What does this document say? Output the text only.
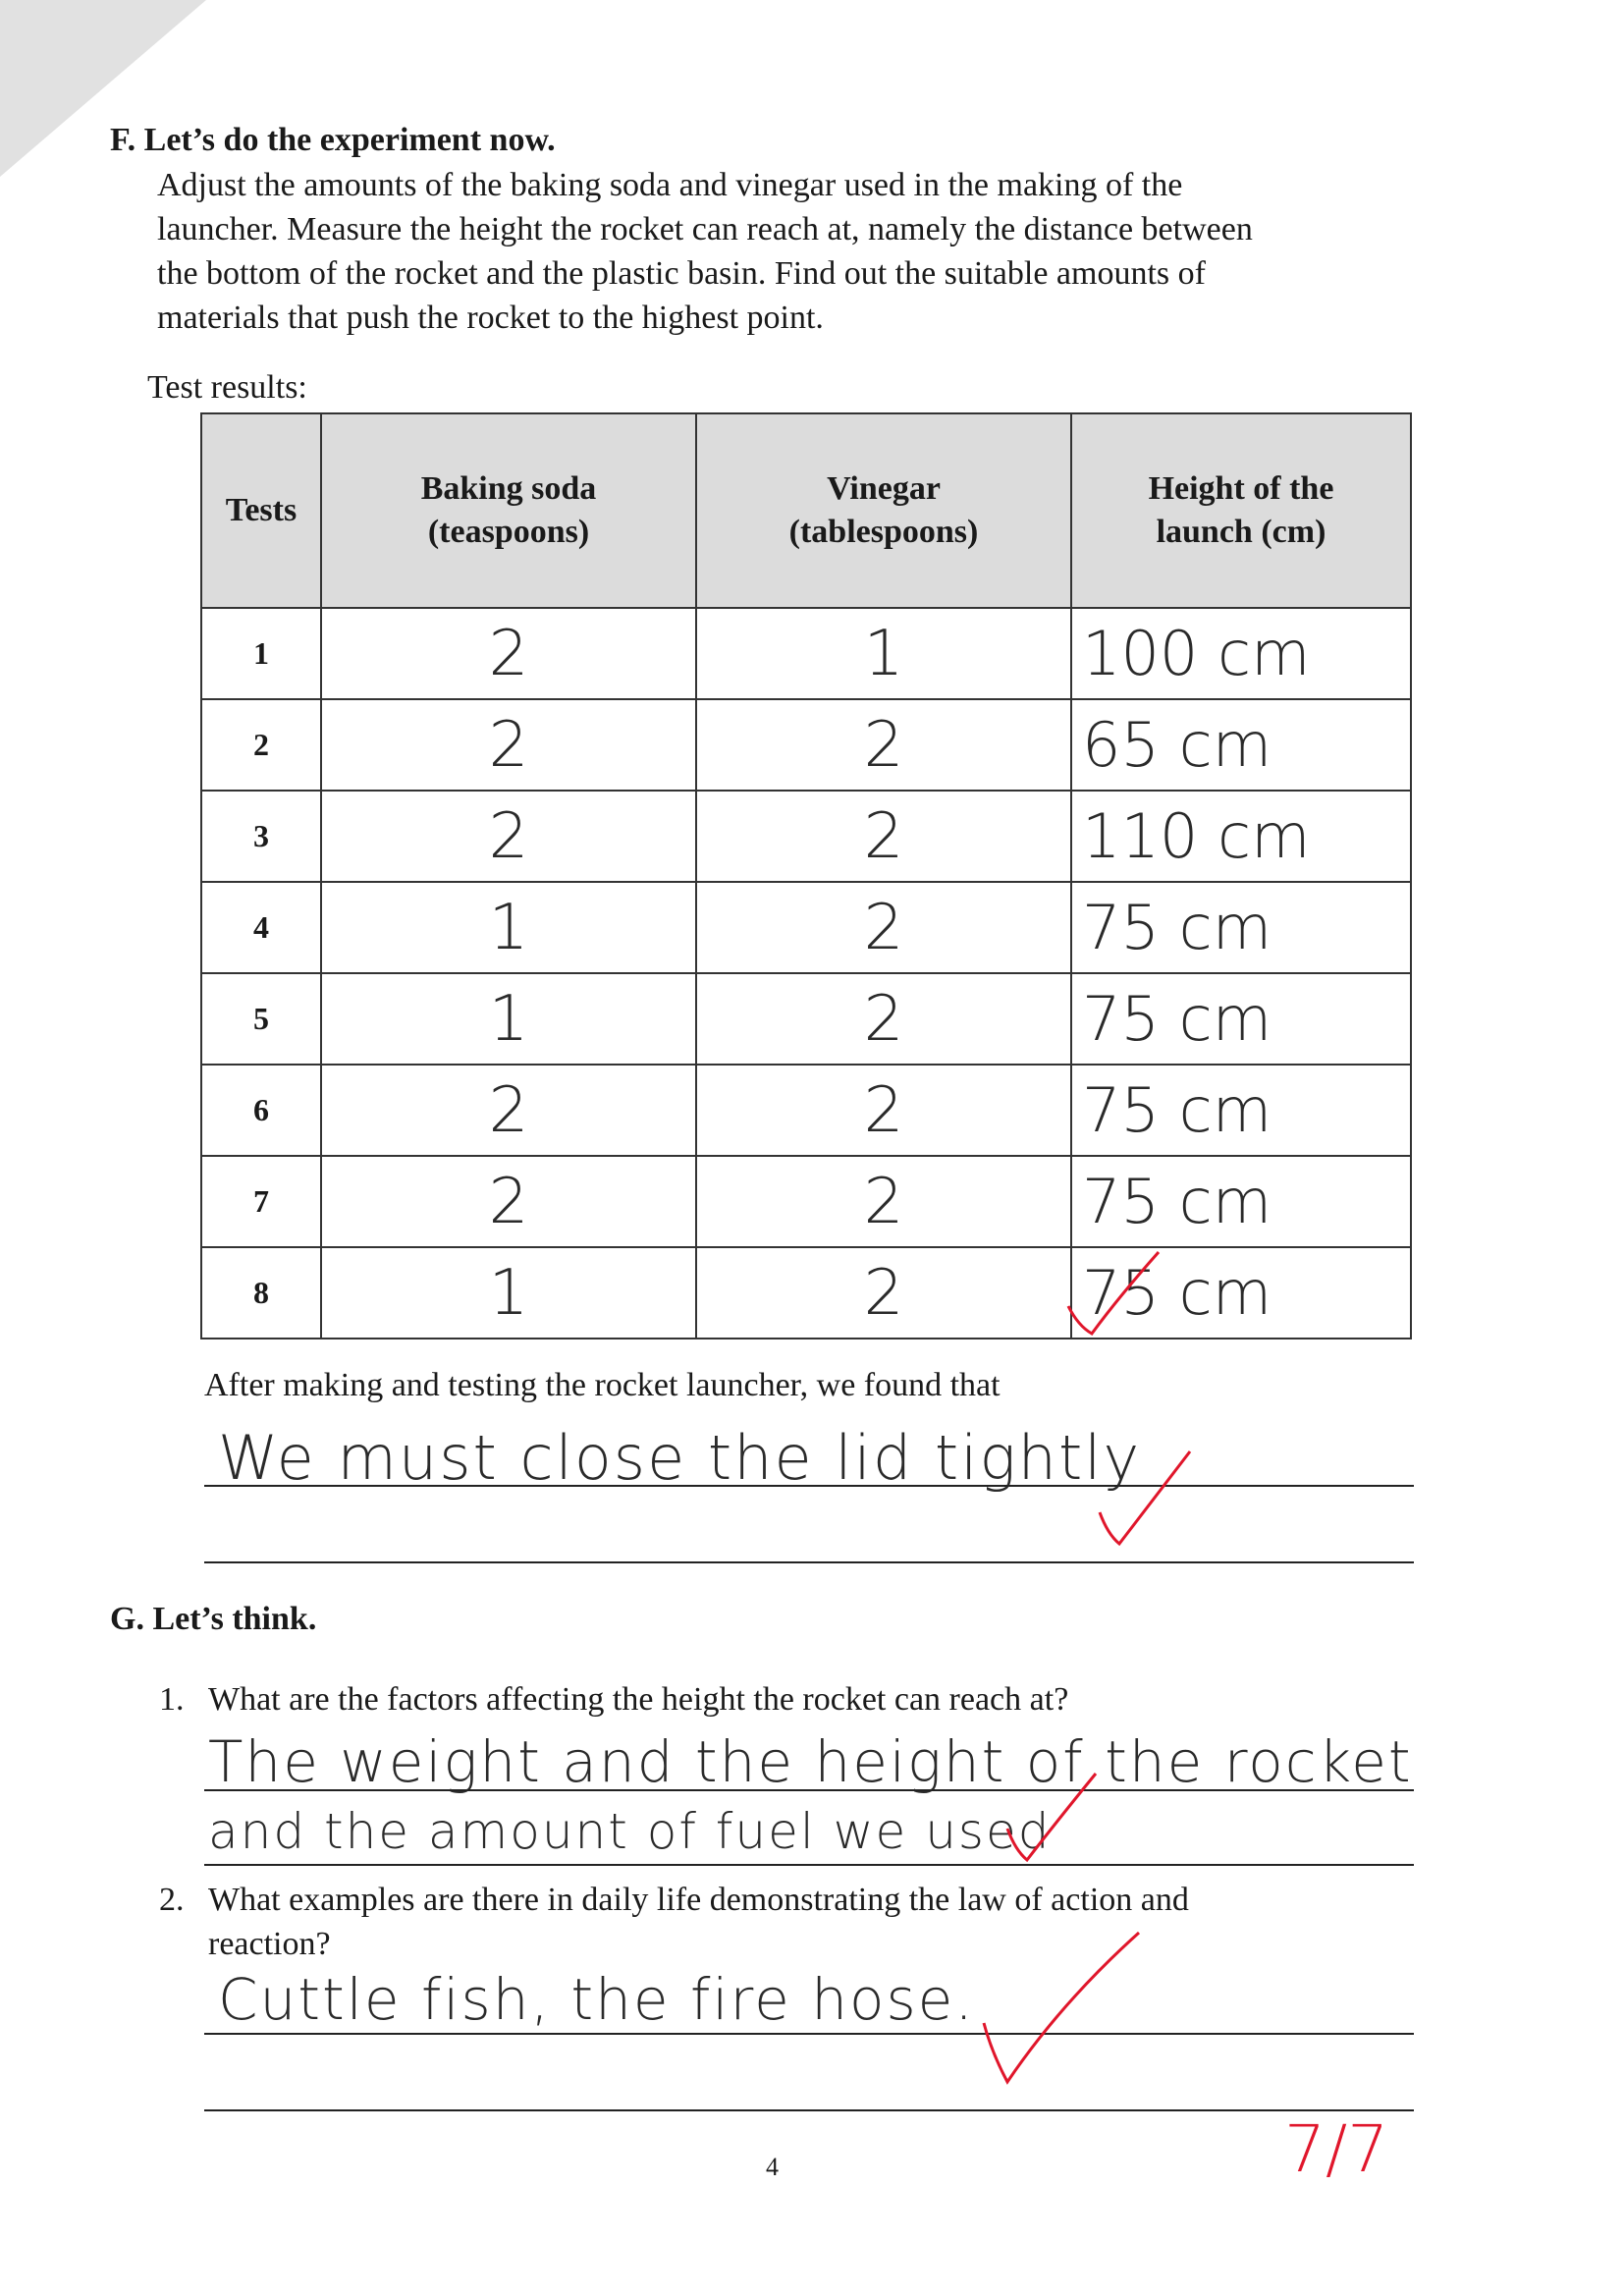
F. Let’s do the experiment now.
Adjust the amounts of the baking soda and vinegar used in the making of the
launcher. Measure the height the rocket can reach at, namely the distance between
the bottom of the rocket and the plastic basin. Find out the suitable amounts of
materials that push the rocket to the highest point.
Test results:
Tests	Baking soda (teaspoons)	Vinegar (tablespoons)	Height of the launch (cm)
1	2	1	100 cm
2	2	2	65 cm
3	2	2	110 cm
4	1	2	75 cm
5	1	2	75 cm
6	2	2	75 cm
7	2	2	75 cm
8	1	2	75 cm
After making and testing the rocket launcher, we found that
We must close the lid tightly
G. Let’s think.
1. What are the factors affecting the height the rocket can reach at?
The weight and the height of the rocket
and the amount of fuel we used
2. What examples are there in daily life demonstrating the law of action and
reaction?
Cuttle fish, the fire hose.
4	7/7
